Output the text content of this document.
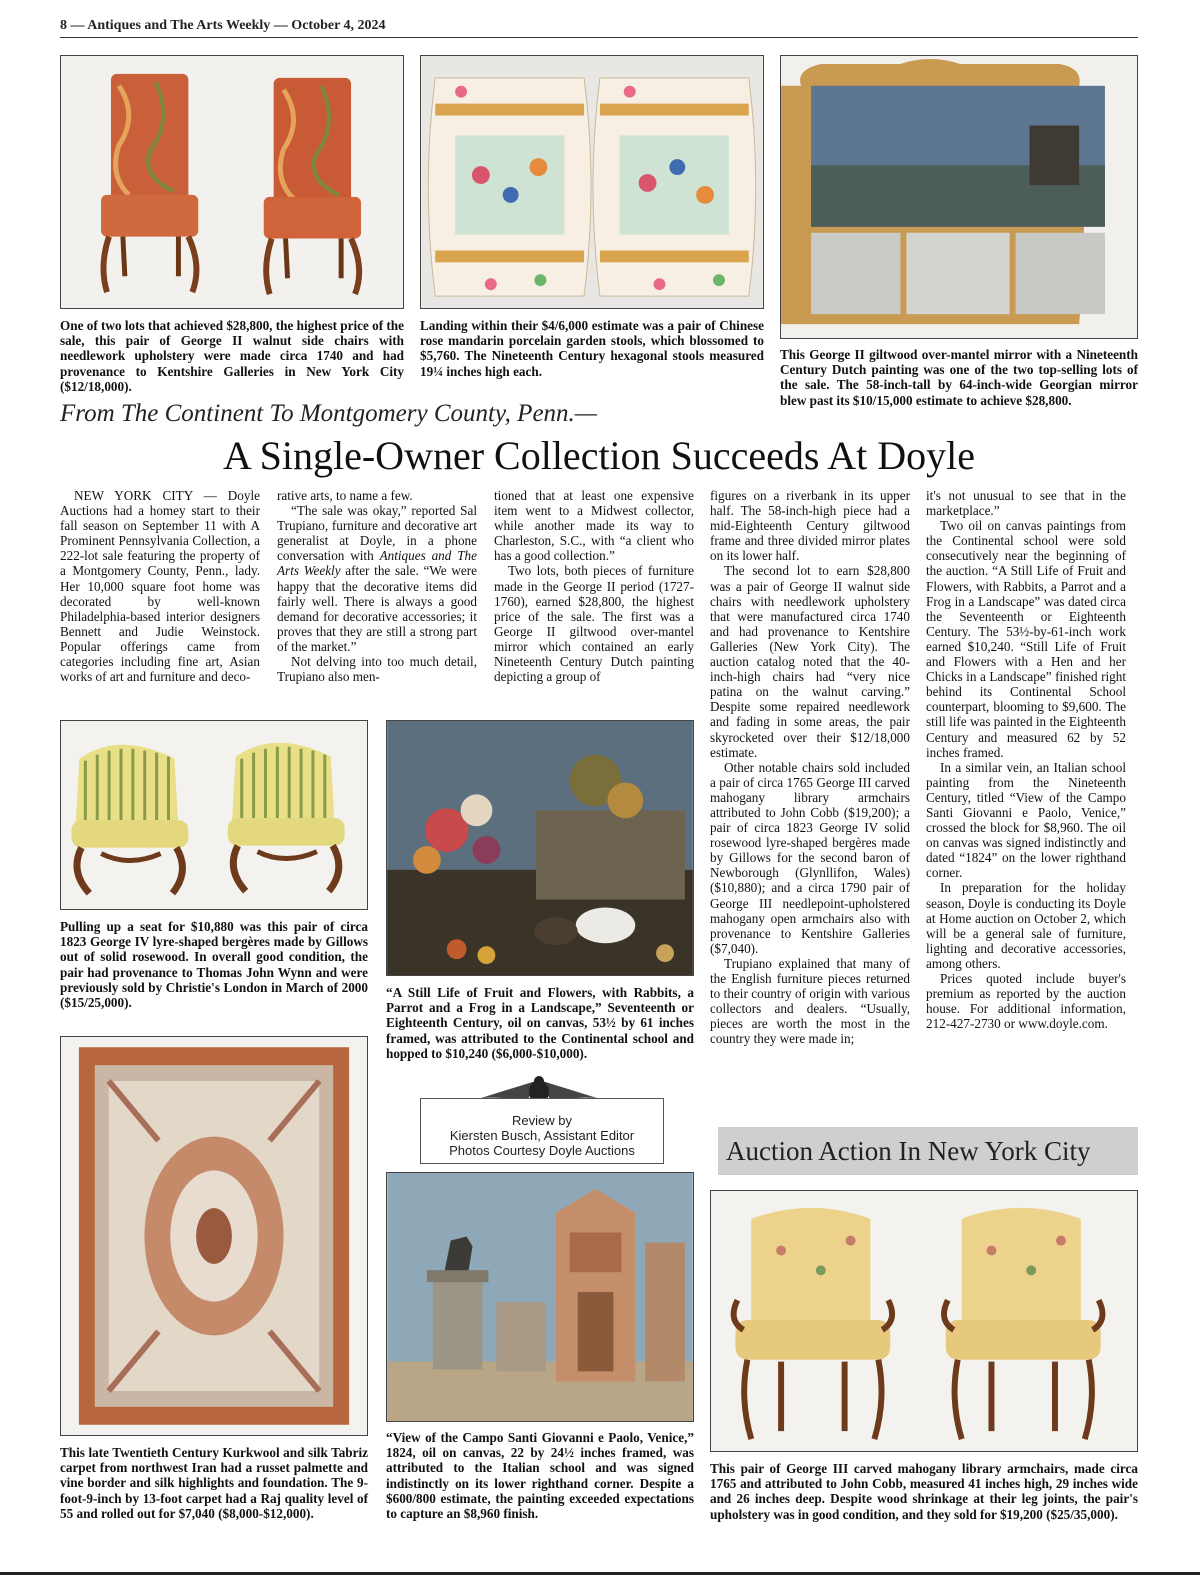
8 — Antiques and The Arts Weekly — October 4, 2024
One of two lots that achieved $28,800, the highest price of the sale, this pair of George II walnut side chairs with needlework upholstery were made circa 1740 and had provenance to Kentshire Galleries in New York City ($12/18,000).
Landing within their $4/6,000 estimate was a pair of Chinese rose mandarin porcelain garden stools, which blossomed to $5,760. The Nineteenth Century hexagonal stools measured 19¼ inches high each.
This George II giltwood over-mantel mirror with a Nineteenth Century Dutch painting was one of the two top-selling lots of the sale. The 58-inch-tall by 64-inch-wide Georgian mirror blew past its $10/15,000 estimate to achieve $28,800.
From The Continent To Montgomery County, Penn.—
A Single-Owner Collection Succeeds At Doyle

NEW YORK CITY — Doyle Auctions had a homey start to their fall season on September 11 with A Prominent Pennsylvania Collection, a 222-lot sale featuring the property of a Montgomery County, Penn., lady. Her 10,000 square foot home was decorated by well-known Philadelphia-based interior designers Bennett and Judie Weinstock. Popular offerings came from categories including fine art, Asian works of art and furniture and deco-

rative arts, to name a few.

“The sale was okay,” reported Sal Trupiano, furniture and decorative art generalist at Doyle, in a phone conversation with Antiques and The Arts Weekly after the sale. “We were happy that the decorative items did fairly well. There is always a good demand for decorative accessories; it proves that they are still a strong part of the market.”

Not delving into too much detail, Trupiano also men-

tioned that at least one expensive item went to a Midwest collector, while another made its way to Charleston, S.C., with “a client who has a good collection.”

Two lots, both pieces of furniture made in the George II period (1727-1760), earned $28,800, the highest price of the sale. The first was a George II giltwood over-mantel mirror which contained an early Nineteenth Century Dutch painting depicting a group of

figures on a riverbank in its upper half. The 58-inch-high piece had a mid-Eighteenth Century giltwood frame and three divided mirror plates on its lower half.

The second lot to earn $28,800 was a pair of George II walnut side chairs with needlework upholstery that were manufactured circa 1740 and had provenance to Kentshire Galleries (New York City). The auction catalog noted that the 40-inch-high chairs had “very nice patina on the walnut carving.” Despite some repaired needlework and fading in some areas, the pair skyrocketed over their $12/18,000 estimate.

Other notable chairs sold included a pair of circa 1765 George III carved mahogany library armchairs attributed to John Cobb ($19,200); a pair of circa 1823 George IV solid rosewood lyre-shaped bergères made by Gillows for the second baron of Newborough (Glynllifon, Wales) ($10,880); and a circa 1790 pair of George III needlepoint-upholstered mahogany open armchairs also with provenance to Kentshire Galleries ($7,040).

Trupiano explained that many of the English furniture pieces returned to their country of origin with various collectors and dealers. “Usually, pieces are worth the most in the country they were made in;

it's not unusual to see that in the marketplace.”

Two oil on canvas paintings from the Continental school were sold consecutively near the beginning of the auction. “A Still Life of Fruit and Flowers, with Rabbits, a Parrot and a Frog in a Landscape” was dated circa the Seventeenth or Eighteenth Century. The 53½-by-61-inch work earned $10,240. “Still Life of Fruit and Flowers with a Hen and her Chicks in a Landscape” finished right behind its Continental School counterpart, blooming to $9,600. The still life was painted in the Eighteenth Century and measured 62 by 52 inches framed.

In a similar vein, an Italian school painting from the Nineteenth Century, titled “View of the Campo Santi Giovanni e Paolo, Venice,” crossed the block for $8,960. The oil on canvas was signed indistinctly and dated “1824” on the lower righthand corner.

In preparation for the holiday season, Doyle is conducting its Doyle at Home auction on October 2, which will be a general sale of furniture, lighting and decorative accessories, among others.

Prices quoted include buyer's premium as reported by the auction house. For additional information, 212-427-2730 or www.doyle.com.

Pulling up a seat for $10,880 was this pair of circa 1823 George IV lyre-shaped bergères made by Gillows out of solid rosewood. In overall good condition, the pair had provenance to Thomas John Wynn and were previously sold by Christie's London in March of 2000 ($15/25,000).
“A Still Life of Fruit and Flowers, with Rabbits, a Parrot and a Frog in a Landscape,” Seventeenth or Eighteenth Century, oil on canvas, 53½ by 61 inches framed, was attributed to the Continental school and hopped to $10,240 ($6,000-$10,000).
Review by
Kiersten Busch, Assistant Editor
Photos Courtesy Doyle Auctions	Auction Action In New York City
This late Twentieth Century Kurkwool and silk Tabriz carpet from northwest Iran had a russet palmette and vine border and silk highlights and foundation. The 9-foot-9-inch by 13-foot carpet had a Raj quality level of 55 and rolled out for $7,040 ($8,000-$12,000).
“View of the Campo Santi Giovanni e Paolo, Venice,” 1824, oil on canvas, 22 by 24½ inches framed, was attributed to the Italian school and was signed indistinctly on its lower righthand corner. Despite a $600/800 estimate, the painting exceeded expectations to capture an $8,960 finish.
This pair of George III carved mahogany library armchairs, made circa 1765 and attributed to John Cobb, measured 41 inches high, 29 inches wide and 26 inches deep. Despite wood shrinkage at their leg joints, the pair's upholstery was in good condition, and they sold for $19,200 ($25/35,000).
